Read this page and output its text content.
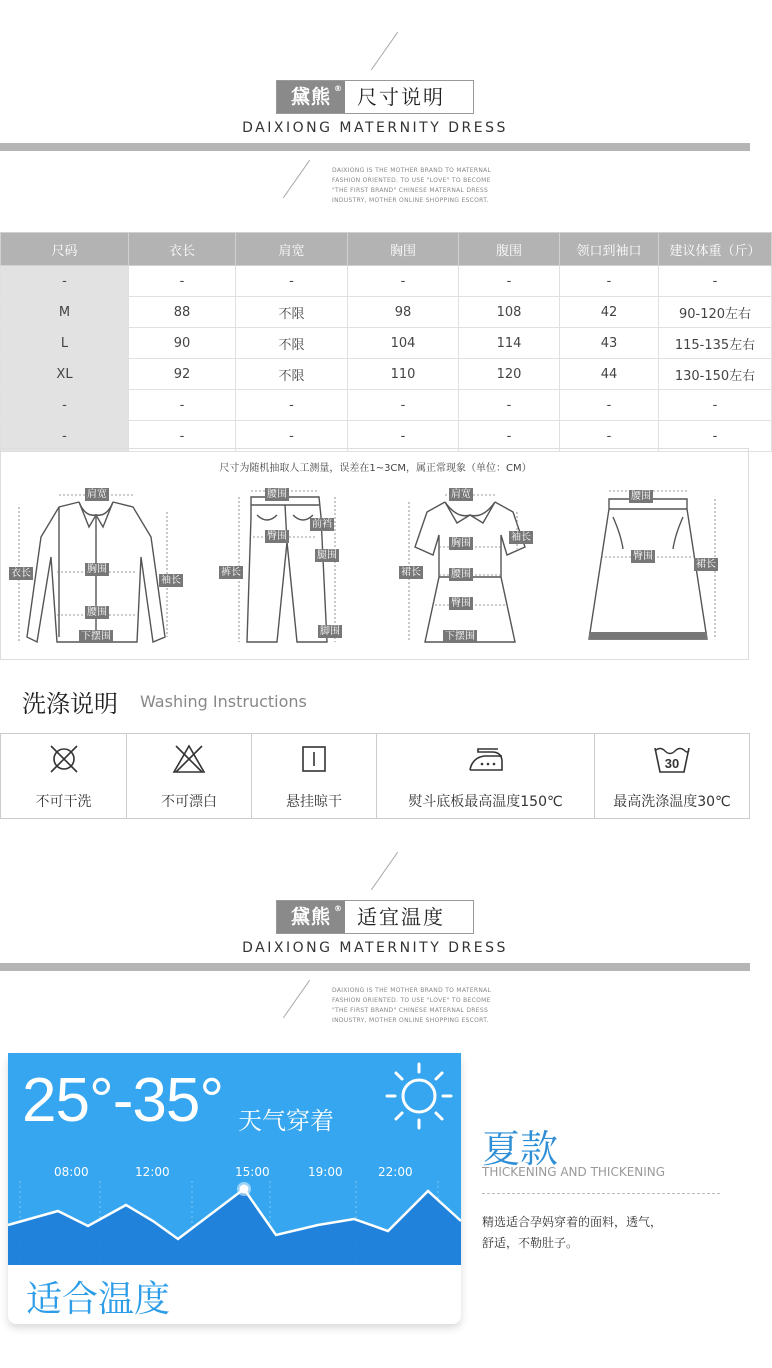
黛熊 ® 尺寸说明
DAIXIONG MATERNITY DRESS
DAIXIONG IS THE MOTHER BRAND TO MATERNAL
FASHION ORIENTED. TO USE "LOVE" TO BECOME
"THE FIRST BRAND" CHINESE MATERNAL DRESS
INDUSTRY, MOTHER ONLINE SHOPPING ESCORT.
尺码	衣长	肩宽	胸围	腹围	领口到袖口	建议体重（斤）
-	-	-	-	-	-	-
M	88	不限	98	108	42	90-120左右
L	90	不限	104	114	43	115-135左右
XL	92	不限	110	120	44	130-150左右
-	-	-	-	-	-	-
-	-	-	-	-	-	-
尺寸为随机抽取人工测量，误差在1~3CM，属正常现象（单位：CM）
肩宽
衣长	胸围
袖长
腰围
下摆围
腰围
臀围
前裆
腿围
裤长
脚围
肩宽
袖长
胸围
裙长	腰围
臀围
下摆围
腰围
臀围
裙长
洗涤说明 Washing Instructions
不可干洗	不可漂白	悬挂晾干	熨斗底板最高温度150℃
30
最高洗涤温度30℃
黛熊 ® 适宜温度
DAIXIONG MATERNITY DRESS
DAIXIONG IS THE MOTHER BRAND TO MATERNAL
FASHION ORIENTED. TO USE "LOVE" TO BECOME
"THE FIRST BRAND" CHINESE MATERNAL DRESS
INDUSTRY, MOTHER ONLINE SHOPPING ESCORT.
25°-35° 天气穿着
08:00	12:00	15:00	19:00	22:00
适合温度
夏款
THICKENING AND THICKENING
精选适合孕妈穿着的面料，透气，
舒适，不勒肚子。
